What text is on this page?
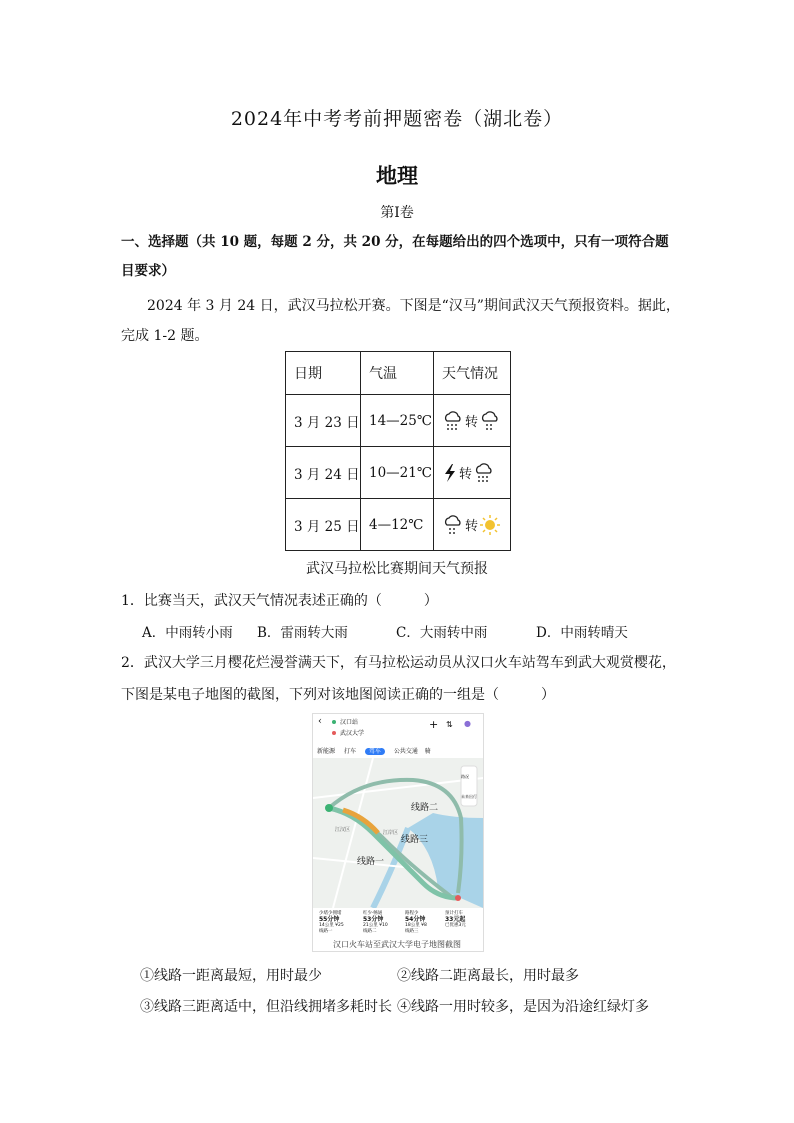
2024年中考考前押题密卷（湖北卷）
地理
第Ⅰ卷
一、选择题（共 10 题，每题 2 分，共 20 分，在每题给出的四个选项中，只有一项符合题
目要求）
2024 年 3 月 24 日，武汉马拉松开赛。下图是“汉马”期间武汉天气预报资料。据此，
完成 1-2 题。
日期	气温	天气情况
3 月 23 日	14—25℃	转

3 月 24 日	10—21℃	转

3 月 25 日	4—12℃	转
武汉马拉松比赛期间天气预报
1．比赛当天，武汉天气情况表述正确的（　　　）
A．中雨转小雨 B．雷雨转大雨	C．大雨转中雨	D．中雨转晴天
2．武汉大学三月樱花烂漫誉满天下，有马拉松运动员从汉口火车站驾车到武大观赏樱花，
下图是某电子地图的截图，下列对该地图阅读正确的一组是（　　　）
‹	汉口站
武汉大学
+ ⇅ ●
新能源 打车 驾车 公共交通 骑
路况
未来出行
线路二
线路三
线路一
江汉区	江岸区
少堵少拥堵
55分钟
14公里 ¥25
线路一
红少·畅通
53分钟
21公里 ¥10
线路二
路程少
54分钟
18公里 ¥8
线路三
预计打车
33元起
已优惠3元
汉口火车站至武汉大学电子地图截图
①线路一距离最短，用时最少	②线路二距离最长，用时最多
③线路三距离适中，但沿线拥堵多耗时长 ④线路一用时较多，是因为沿途红绿灯多
